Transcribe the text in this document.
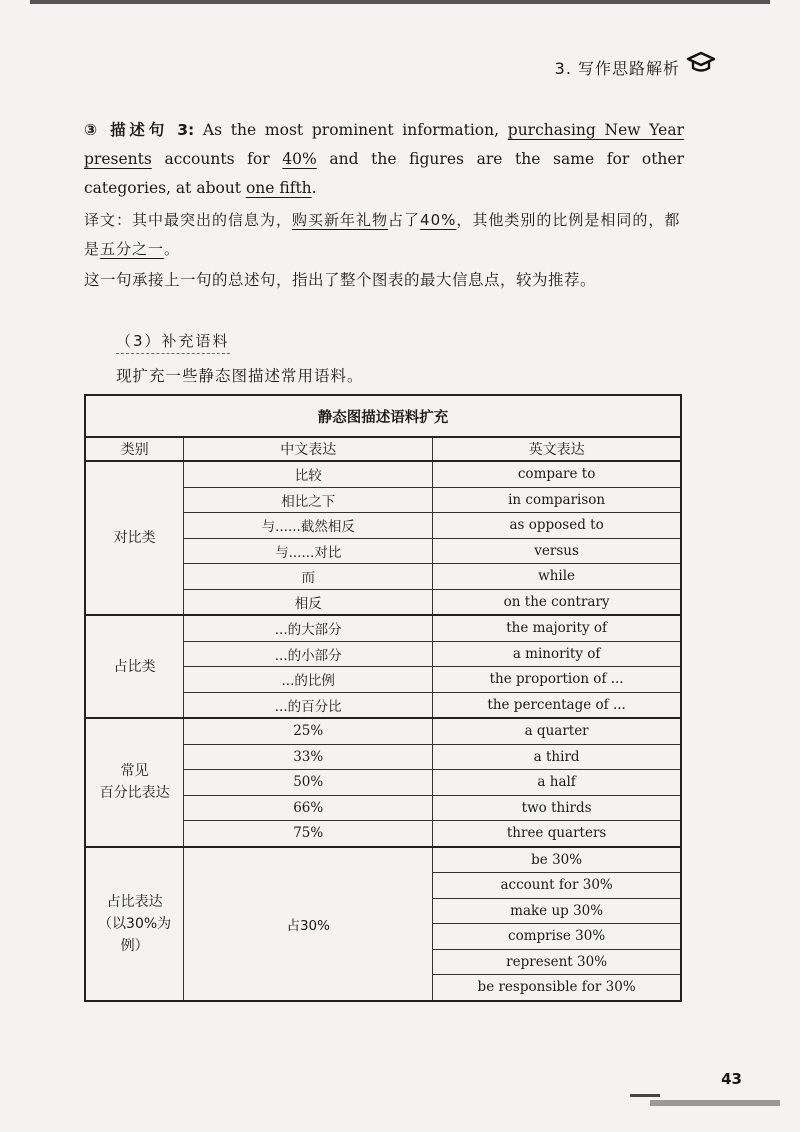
3. 写作思路解析
③ 描述句 3: As the most prominent information, purchasing New Year presents accounts for 40% and the figures are the same for other categories, at about one fifth.
译文：其中最突出的信息为，购买新年礼物占了40%，其他类别的比例是相同的，都是五分之一。
这一句承接上一句的总述句，指出了整个图表的最大信息点，较为推荐。
（3）补充语料
现扩充一些静态图描述常用语料。
静态图描述语料扩充		
类别	中文表达	英文表达
对比类	比较	compare to
	相比之下	in comparison
	与......截然相反	as opposed to
	与......对比	versus
	而	while
	相反	on the contrary
占比类	...的大部分	the majority of
	...的小部分	a minority of
	...的比例	the proportion of ...
	...的百分比	the percentage of ...
常见
百分比表达	25%	a quarter
	33%	a third
	50%	a half
	66%	two thirds
	75%	three quarters
占比表达
（以30%为
例）	占30%	be 30%
		account for 30%
		make up 30%
		comprise 30%
		represent 30%
		be responsible for 30%
43
